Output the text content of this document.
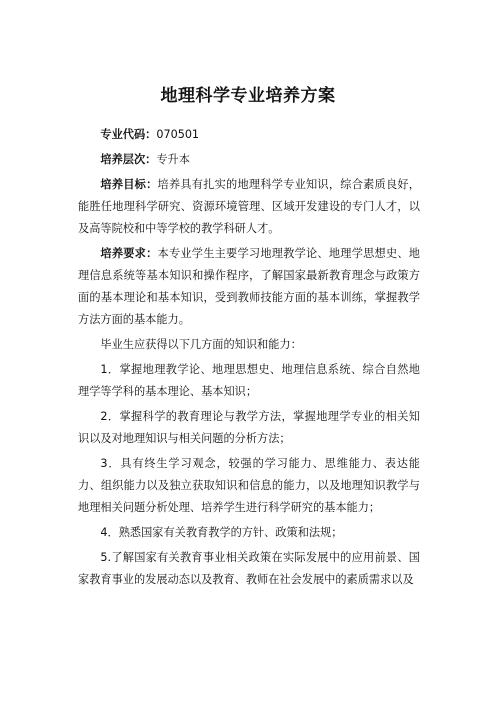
地理科学专业培养方案

专业代码：070501

培养层次：专升本

培养目标：培养具有扎实的地理科学专业知识，综合素质良好，能胜任地理科学研究、资源环境管理、区域开发建设的专门人才，以及高等院校和中等学校的教学科研人才。

培养要求：本专业学生主要学习地理教学论、地理学思想史、地理信息系统等基本知识和操作程序，了解国家最新教育理念与政策方面的基本理论和基本知识，受到教师技能方面的基本训练，掌握教学方法方面的基本能力。

毕业生应获得以下几方面的知识和能力：

1．掌握地理教学论、地理思想史、地理信息系统、综合自然地理学等学科的基本理论、基本知识；

2．掌握科学的教育理论与教学方法，掌握地理学专业的相关知识以及对地理知识与相关问题的分析方法；

3．具有终生学习观念，较强的学习能力、思维能力、表达能力、组织能力以及独立获取知识和信息的能力，以及地理知识教学与地理相关问题分析处理、培养学生进行科学研究的基本能力；

4．熟悉国家有关教育教学的方针、政策和法规；

5.了解国家有关教育事业相关政策在实际发展中的应用前景、国家教育事业的发展动态以及教育、教师在社会发展中的素质需求以及
